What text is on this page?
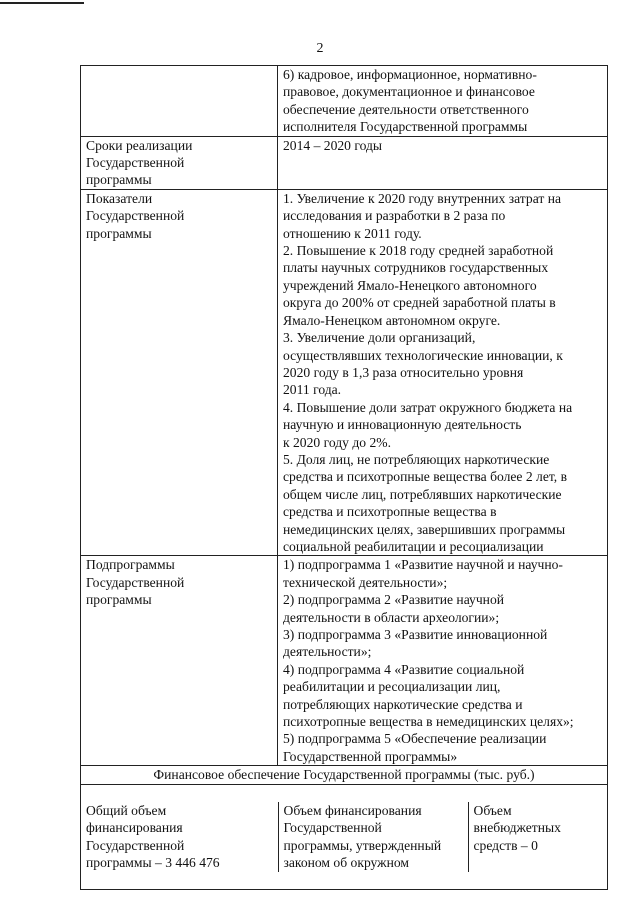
2
	6) кадровое, информационное, нормативно-
правовое, документационное и финансовое
обеспечение деятельности ответственного
исполнителя Государственной программы
Сроки реализации
Государственной
программы	2014 – 2020 годы
Показатели
Государственной
программы	1. Увеличение к 2020 году внутренних затрат на
исследования и разработки в 2 раза по
отношению к 2011 году.
2. Повышение к 2018 году средней заработной
платы научных сотрудников государственных
учреждений Ямало-Ненецкого автономного
округа до 200% от средней заработной платы в
Ямало-Ненецком автономном округе.
3. Увеличение доли организаций,
осуществлявших технологические инновации, к
2020 году в 1,3 раза относительно уровня
2011 года.
4. Повышение доли затрат окружного бюджета на
научную и инновационную деятельность
к 2020 году до 2%.
5. Доля лиц, не потребляющих наркотические
средства и психотропные вещества более 2 лет, в
общем числе лиц, потреблявших наркотические
средства и психотропные вещества в
немедицинских целях, завершивших программы
социальной реабилитации и ресоциализации
Подпрограммы
Государственной
программы	1) подпрограмма 1 «Развитие научной и научно-
технической деятельности»;
2) подпрограмма 2 «Развитие научной
деятельности в области археологии»;
3) подпрограмма 3 «Развитие инновационной
деятельности»;
4) подпрограмма 4 «Развитие социальной
реабилитации и ресоциализации лиц,
потребляющих наркотические средства и
психотропные вещества в немедицинских целях»;
5) подпрограмма 5 «Обеспечение реализации
Государственной программы»
Финансовое обеспечение Государственной программы (тыс. руб.)

Общий объем
финансирования
Государственной
программы – 3 446 476	Объем финансирования
Государственной
программы, утвержденный
законом об окружном	Объем
внебюджетных
средств – 0
